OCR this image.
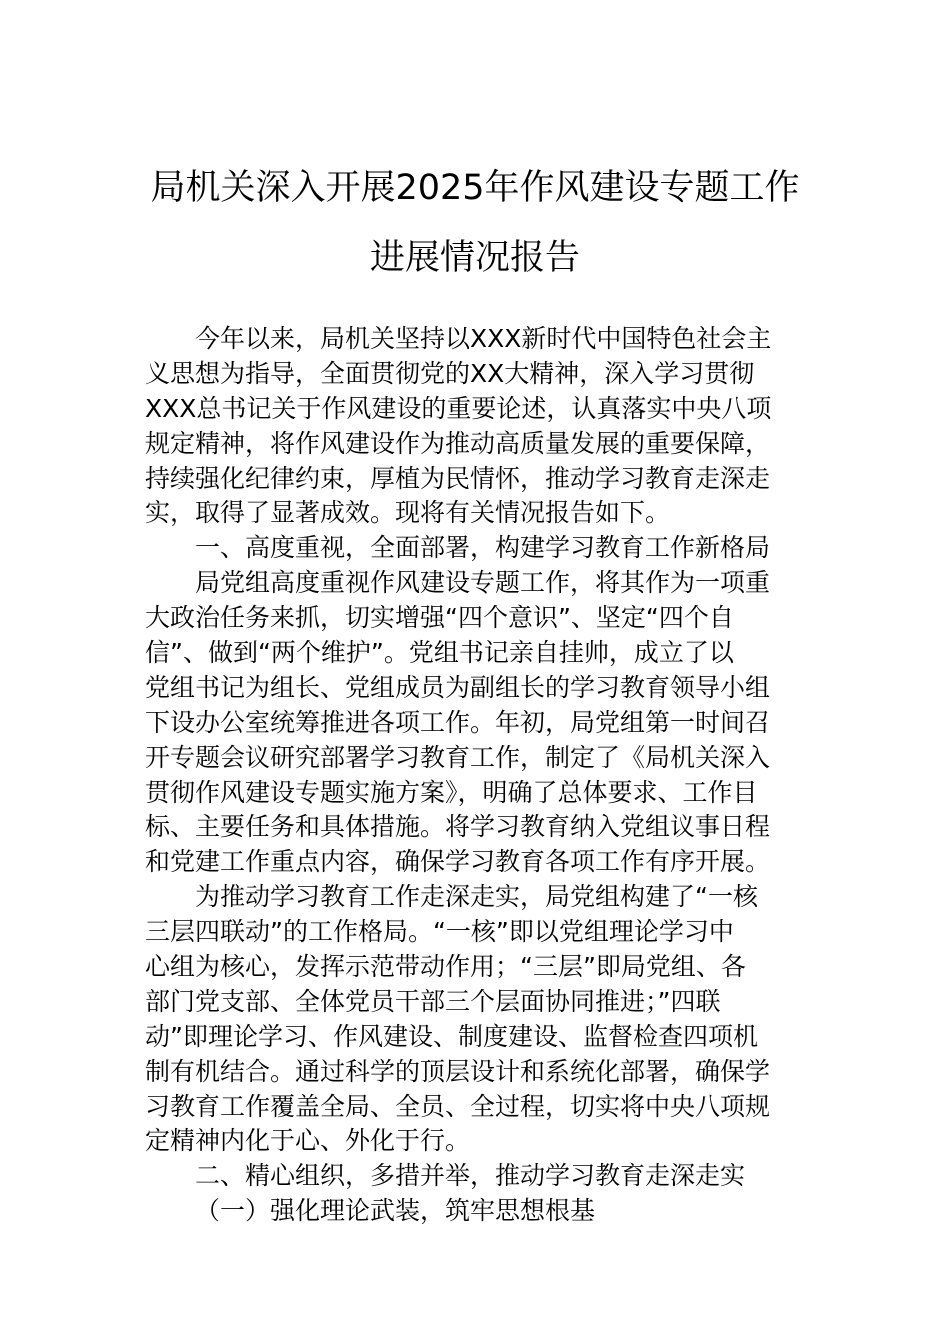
局机关深入开展2025年作风建设专题工作
进展情况报告
今年以来，局机关坚持以XXX新时代中国特色社会主
义思想为指导，全面贯彻党的XX大精神，深入学习贯彻
XXX总书记关于作风建设的重要论述，认真落实中央八项
规定精神，将作风建设作为推动高质量发展的重要保障，
持续强化纪律约束，厚植为民情怀，推动学习教育走深走
实，取得了显著成效。现将有关情况报告如下。
一、高度重视，全面部署，构建学习教育工作新格局
局党组高度重视作风建设专题工作，将其作为一项重
大政治任务来抓，切实增强“四个意识”、坚定“四个自
信”、做到“两个维护”。党组书记亲自挂帅，成立了以
党组书记为组长、党组成员为副组长的学习教育领导小组
下设办公室统筹推进各项工作。年初，局党组第一时间召
开专题会议研究部署学习教育工作，制定了《局机关深入
贯彻作风建设专题实施方案》，明确了总体要求、工作目
标、主要任务和具体措施。将学习教育纳入党组议事日程
和党建工作重点内容，确保学习教育各项工作有序开展。
为推动学习教育工作走深走实，局党组构建了“一核
三层四联动”的工作格局。“一核”即以党组理论学习中
心组为核心，发挥示范带动作用；“三层”即局党组、各
部门党支部、全体党员干部三个层面协同推进；”四联
动”即理论学习、作风建设、制度建设、监督检查四项机
制有机结合。通过科学的顶层设计和系统化部署，确保学
习教育工作覆盖全局、全员、全过程，切实将中央八项规
定精神内化于心、外化于行。
二、精心组织，多措并举，推动学习教育走深走实
（一）强化理论武装，筑牢思想根基
